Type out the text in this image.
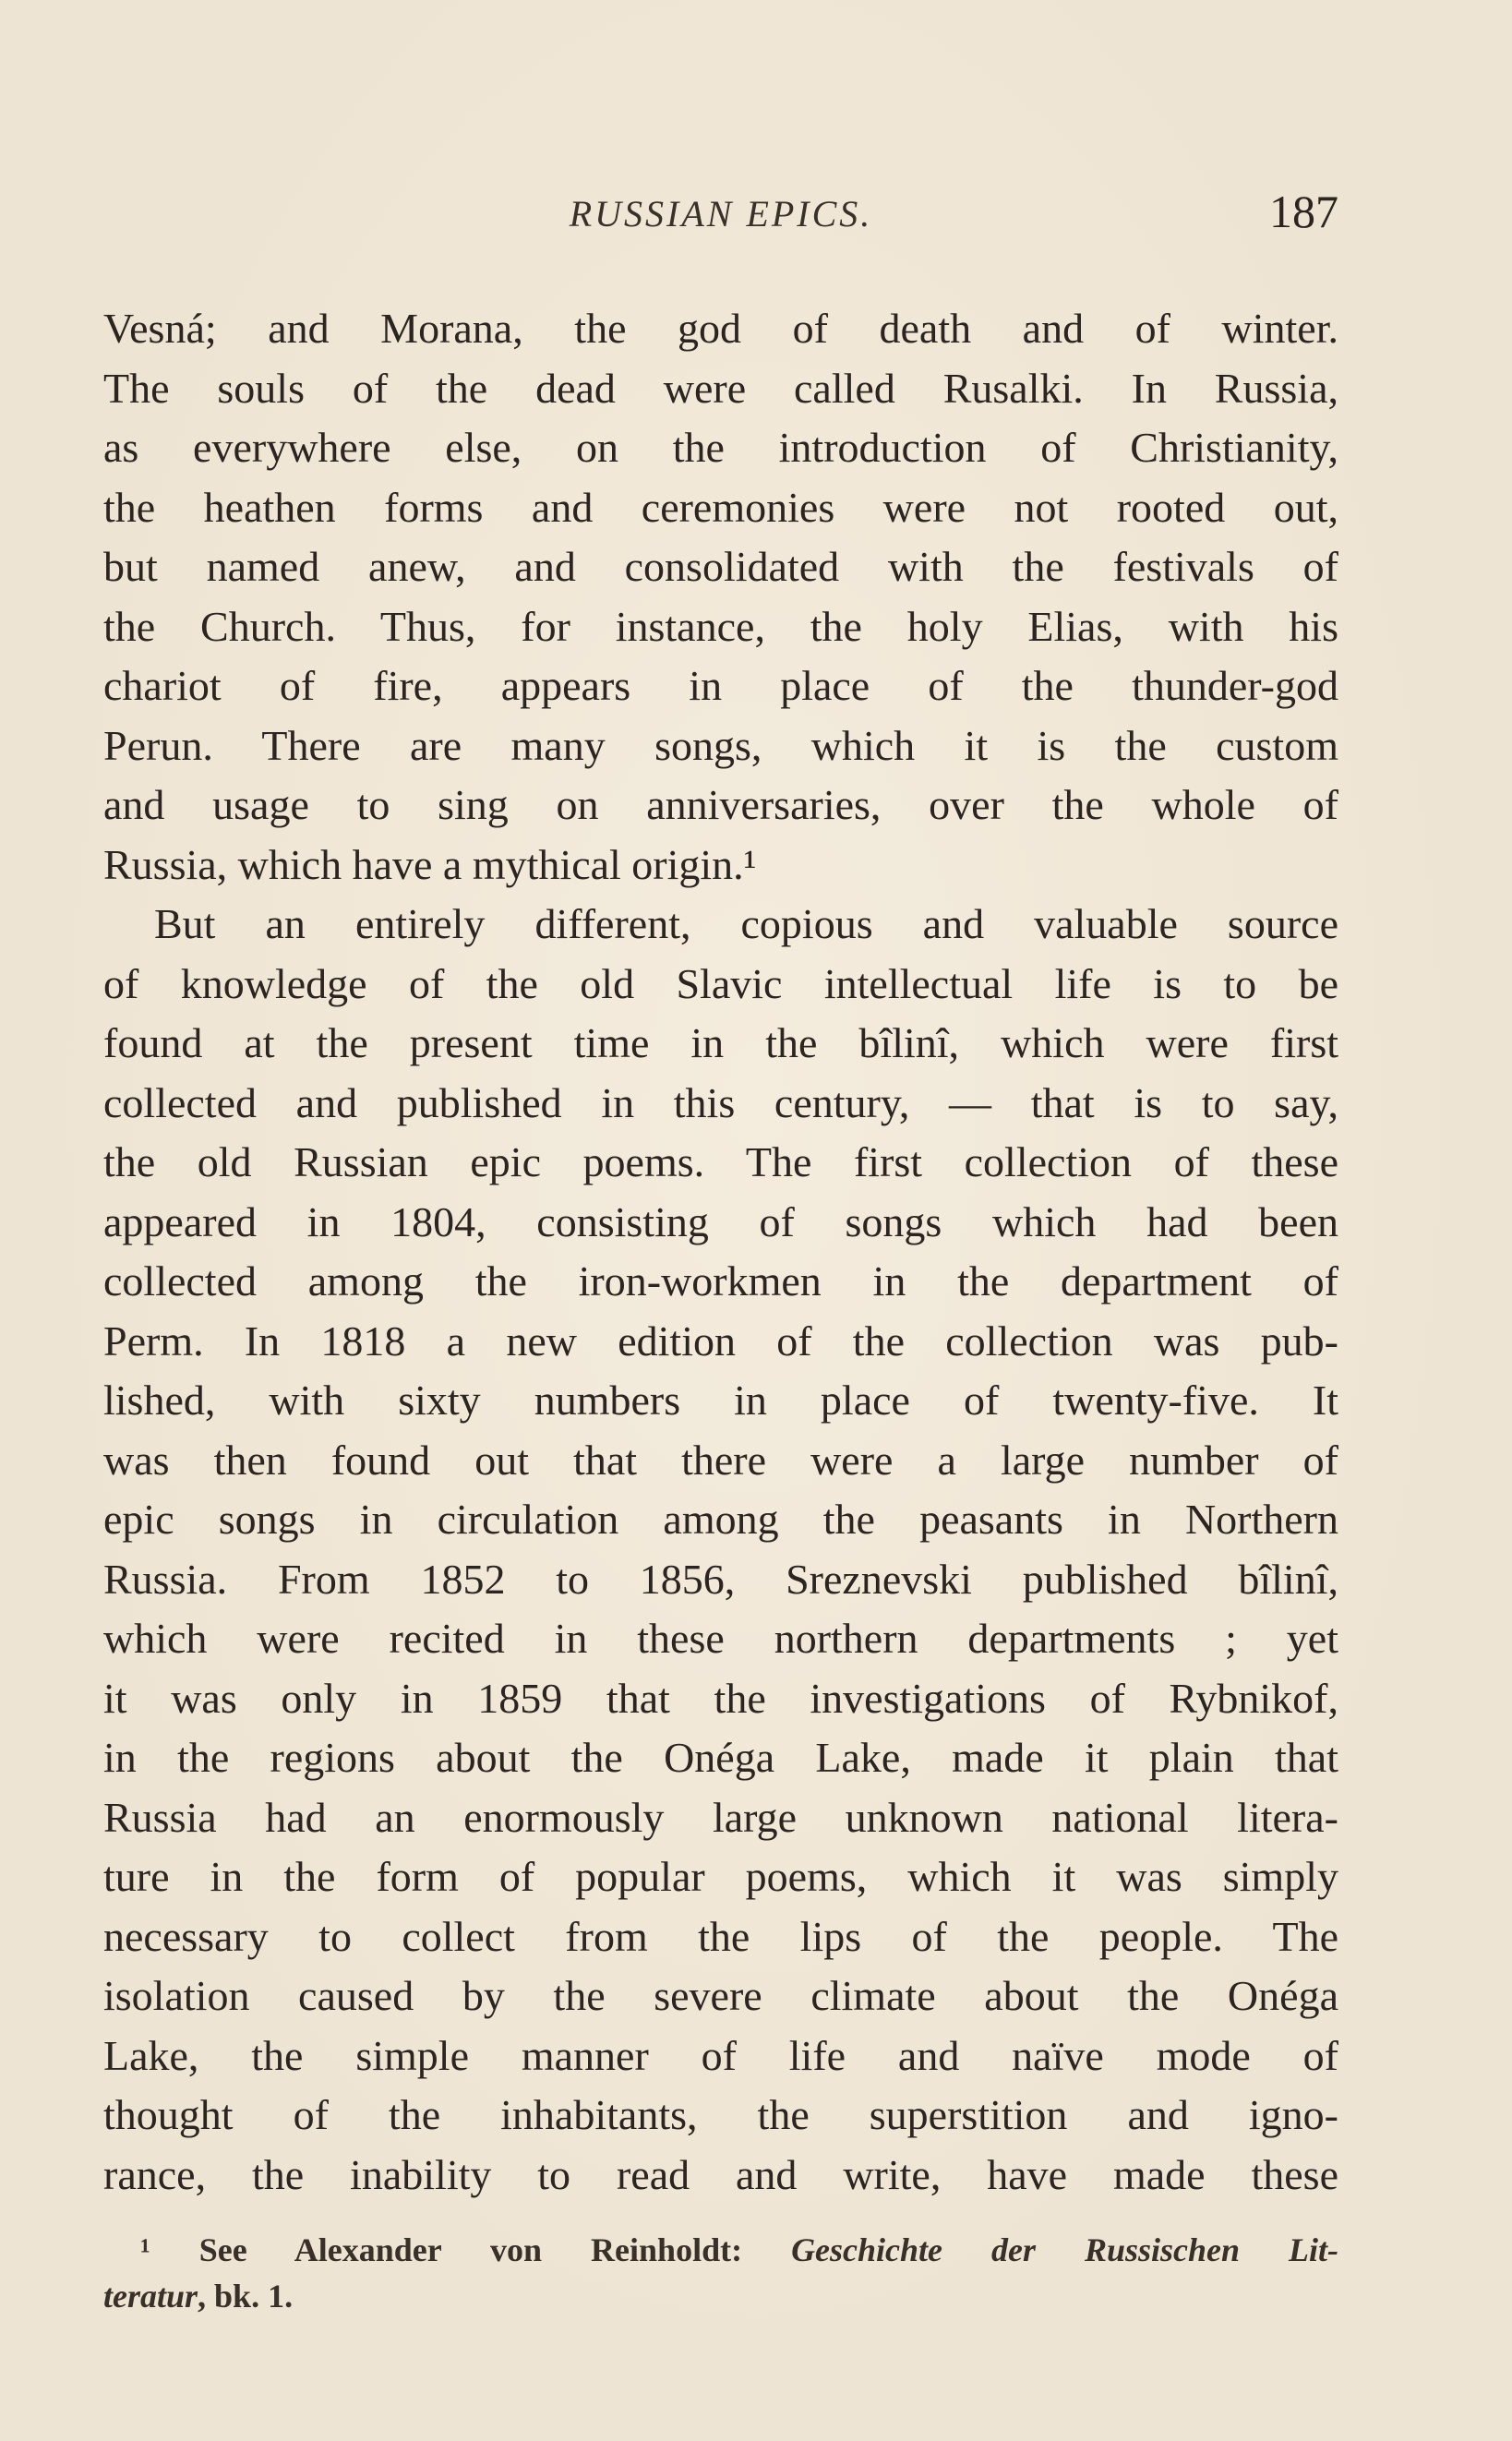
RUSSIAN EPICS.	187
Vesná; and Morana, the god of death and of winter.
The souls of the dead were called Rusalki. In Russia,
as everywhere else, on the introduction of Christianity,
the heathen forms and ceremonies were not rooted out,
but named anew, and consolidated with the festivals of
the Church. Thus, for instance, the holy Elias, with his
chariot of fire, appears in place of the thunder-god
Perun. There are many songs, which it is the custom
and usage to sing on anniversaries, over the whole of
Russia, which have a mythical origin.¹
But an entirely different, copious and valuable source
of knowledge of the old Slavic intellectual life is to be
found at the present time in the bîlinî, which were first
collected and published in this century, — that is to say,
the old Russian epic poems. The first collection of these
appeared in 1804, consisting of songs which had been
collected among the iron-workmen in the department of
Perm. In 1818 a new edition of the collection was pub-
lished, with sixty numbers in place of twenty-five. It
was then found out that there were a large number of
epic songs in circulation among the peasants in Northern
Russia. From 1852 to 1856, Sreznevski published bîlinî,
which were recited in these northern departments ; yet
it was only in 1859 that the investigations of Rybnikof,
in the regions about the Onéga Lake, made it plain that
Russia had an enormously large unknown national litera-
ture in the form of popular poems, which it was simply
necessary to collect from the lips of the people. The
isolation caused by the severe climate about the Onéga
Lake, the simple manner of life and naïve mode of
thought of the inhabitants, the superstition and igno-
rance, the inability to read and write, have made these
¹ See Alexander von Reinholdt: Geschichte der Russischen Lit-
teratur, bk. 1.
